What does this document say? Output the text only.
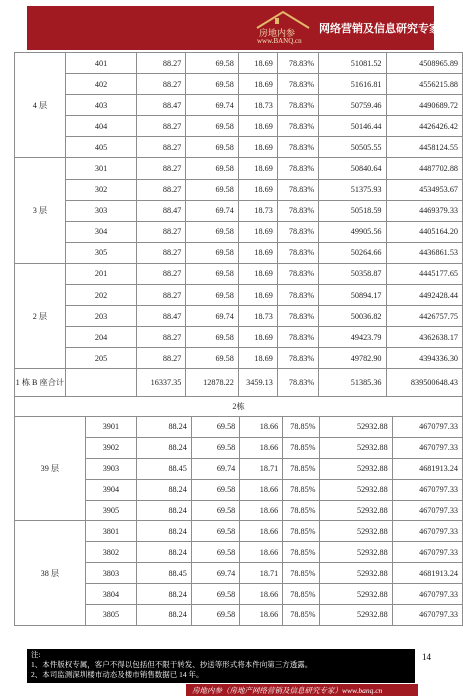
房地内参
www.BANQ.cn
网络营销及信息研究专家
4 层	401	88.27	69.58	18.69	78.83%	51081.52	4508965.89
	402	88.27	69.58	18.69	78.83%	51616.81	4556215.88
	403	88.47	69.74	18.73	78.83%	50759.46	4490689.72
	404	88.27	69.58	18.69	78.83%	50146.44	4426426.42
	405	88.27	69.58	18.69	78.83%	50505.55	4458124.55
3 层	301	88.27	69.58	18.69	78.83%	50840.64	4487702.88
	302	88.27	69.58	18.69	78.83%	51375.93	4534953.67
	303	88.47	69.74	18.73	78.83%	50518.59	4469379.33
	304	88.27	69.58	18.69	78.83%	49905.56	4405164.20
	305	88.27	69.58	18.69	78.83%	50264.66	4436861.53
2 层	201	88.27	69.58	18.69	78.83%	50358.87	4445177.65
	202	88.27	69.58	18.69	78.83%	50894.17	4492428.44
	203	88.47	69.74	18.73	78.83%	50036.82	4426757.75
	204	88.27	69.58	18.69	78.83%	49423.79	4362638.17
	205	88.27	69.58	18.69	78.83%	49782.90	4394336.30
1 栋 B 座合计		16337.35	12878.22	3459.13	78.83%	51385.36	839500648.43
2栋							
39 层	3901	88.24	69.58	18.66	78.85%	52932.88	4670797.33
	3902	88.24	69.58	18.66	78.85%	52932.88	4670797.33
	3903	88.45	69.74	18.71	78.85%	52932.88	4681913.24
	3904	88.24	69.58	18.66	78.85%	52932.88	4670797.33
	3905	88.24	69.58	18.66	78.85%	52932.88	4670797.33
38 层	3801	88.24	69.58	18.66	78.85%	52932.88	4670797.33
	3802	88.24	69.58	18.66	78.85%	52932.88	4670797.33
	3803	88.45	69.74	18.71	78.85%	52932.88	4681913.24
	3804	88.24	69.58	18.66	78.85%	52932.88	4670797.33
	3805	88.24	69.58	18.66	78.85%	52932.88	4670797.33
注:
1、本件版权专属，客户不得以包括但不限于转发、抄送等形式将本件向第三方透露。
2、本司监测深圳楼市动态及楼市销售数据已 14 年。
14
房地内参（房地产网络营销及信息研究专家）www.banq.cn
